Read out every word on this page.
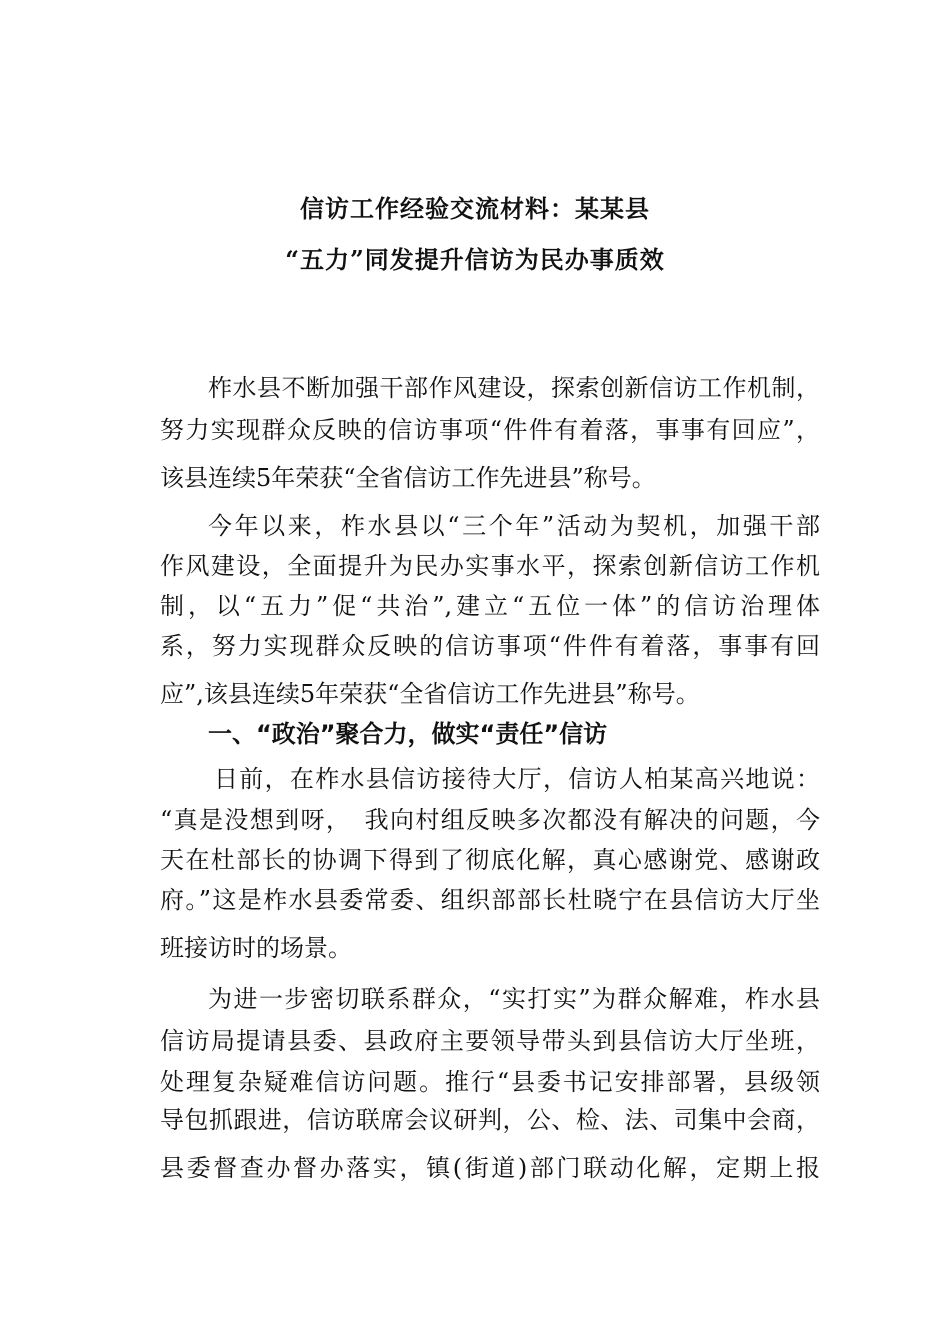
信访工作经验交流材料：某某县
“五力”同发提升信访为民办事质效
柞水县不断加强干部作风建设，探索创新信访工作机制，
努力实现群众反映的信访事项“件件有着落，事事有回应”，
该县连续5年荣获“全省信访工作先进县”称号。
今年以来，柞水县以“三个年”活动为契机，加强干部
作风建设，全面提升为民办实事水平，探索创新信访工作机
制，以“五力”促“共治”,建立“五位一体”的信访治理体
系，努力实现群众反映的信访事项“件件有着落，事事有回
应”,该县连续5年荣获“全省信访工作先进县”称号。
一、“政治”聚合力，做实“责任”信访
日前，在柞水县信访接待大厅，信访人柏某高兴地说：
“真是没想到呀，　我向村组反映多次都没有解决的问题，今
天在杜部长的协调下得到了彻底化解，真心感谢党、感谢政
府。”这是柞水县委常委、组织部部长杜晓宁在县信访大厅坐
班接访时的场景。
为进一步密切联系群众，“实打实”为群众解难，柞水县
信访局提请县委、县政府主要领导带头到县信访大厅坐班，
处理复杂疑难信访问题。推行“县委书记安排部署，县级领
导包抓跟进，信访联席会议研判，公、检、法、司集中会商，
县委督查办督办落实，镇(街道)部门联动化解，定期上报
